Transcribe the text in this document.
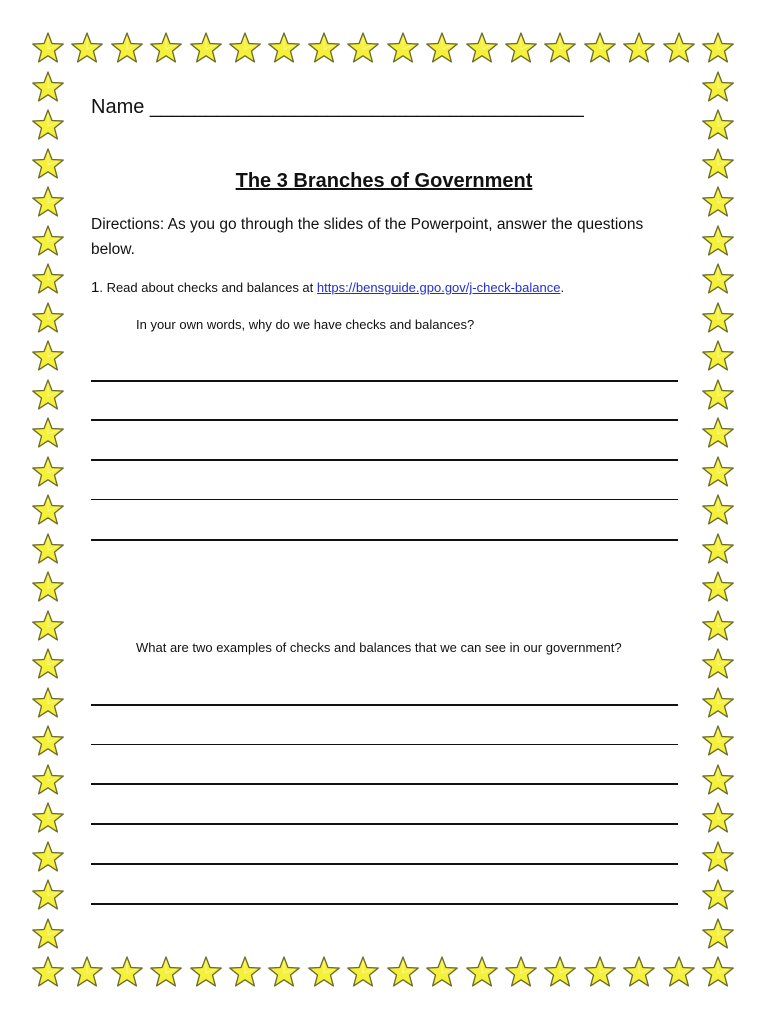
Name _______________________________________
The 3 Branches of Government
Directions: As you go through the slides of the Powerpoint, answer the questions below.
1. Read about checks and balances at https://bensguide.gpo.gov/j-check-balance.
In your own words, why do we have checks and balances?
What are two examples of checks and balances that we can see in our government?
